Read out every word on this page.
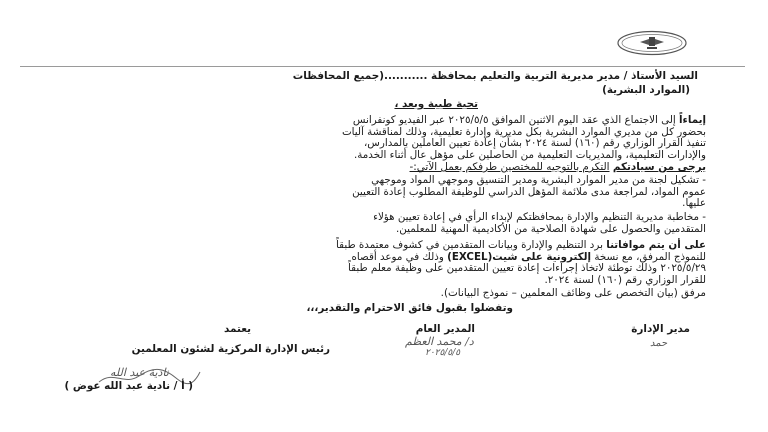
السيد الأستاذ / مدير مديرية التربية والتعليم بمحافظة ...........(جميع المحافظات
(الموارد البشرية)
تحية طيبة وبعد ،
إيماءاً إلى الاجتماع الذي عقد اليوم الاثنين الموافق ٢٠٢٥/٥/٥ عبر الفيديو كونفرانس
بحضور كل من مديري الموارد البشرية بكل مديرية وإدارة تعليمية، وذلك لمناقشة آليات
تنفيذ القرار الوزاري رقم (١٦٠) لسنة ٢٠٢٤ بشأن إعادة تعيين العاملين بالمدارس،
والإدارات التعليمية، والمديريات التعليمية من الحاصلين على مؤهل عال أثناء الخدمة.
يرجى من سيادتكم التكرم بالتوجيه للمختصين طرفكم بعمل الآتي:-
- تشكيل لجنة من مدير الموارد البشرية ومدير التنسيق وموجهي المواد وموجهي
عموم المواد، لمراجعة مدى ملائمة المؤهل الدراسي للوظيفة المطلوب إعادة التعيين
عليها.
- مخاطبة مديرية التنظيم والإدارة بمحافظتكم لإبداء الرأي في إعادة تعيين هؤلاء
المتقدمين والحصول على شهادة الصلاحية من الأكاديمية المهنية للمعلمين.
على أن يتم موافاتنا برد التنظيم والإدارة وبيانات المتقدمين في كشوف معتمدة طبقاً
للنموذج المرفق، مع نسخة إلكترونية على شيت(EXCEL) وذلك في موعد أقصاه
٢٠٢٥/٥/٢٩ وذلك توطئة لاتخاذ إجراءات إعادة تعيين المتقدمين على وظيفة معلم طبقاً
للقرار الوزاري رقم (١٦٠) لسنة ٢٠٢٤.
مرفق (بيان التخصص على وظائف المعلمين – نموذج البيانات).
وتفضلوا بقبول فائق الاحترام والتقدير،،،
يعتمد	المدير العام	مدير الإدارة
د/ محمد العظم
٢٠٢٥/٥/٥
حمد
رئيس الإدارة المركزية لشئون المعلمين
نادية عبد الله
( أ / نادية عبد الله عوض )
